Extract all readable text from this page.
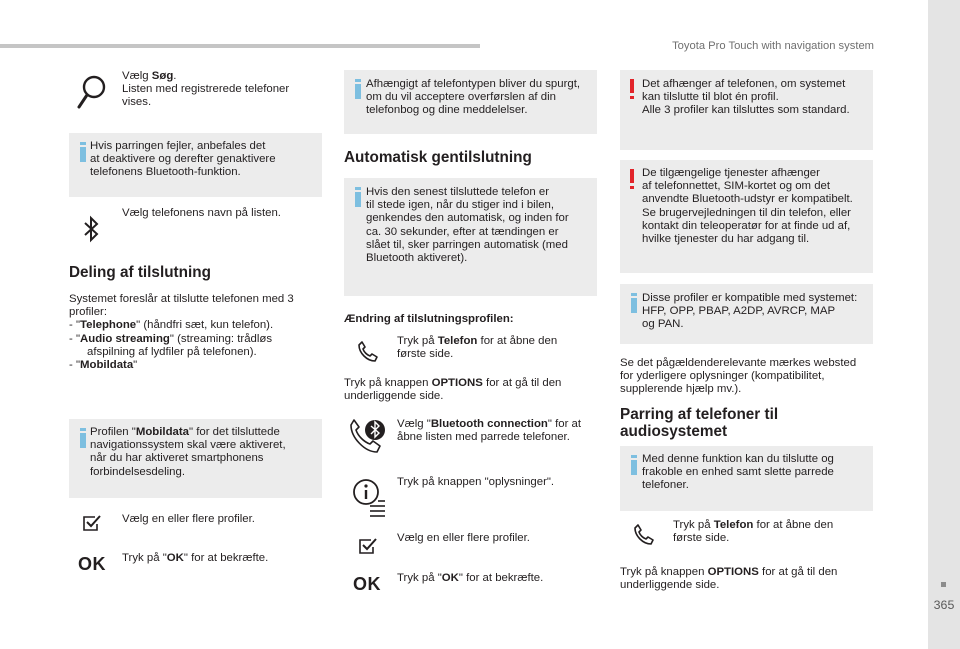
Toyota Pro Touch with navigation system
365
Vælg Søg.
Listen med registrerede telefoner
vises.
Hvis parringen fejler, anbefales det
at deaktivere og derefter genaktivere
telefonens Bluetooth-funktion.
Vælg telefonens navn på listen.
Deling af tilslutning
Systemet foreslår at tilslutte telefonen med 3
profiler:
- "Telephone" (håndfri sæt, kun telefon).
- "Audio streaming" (streaming: trådløs
afspilning af lydfiler på telefonen).
- "Mobildata"
Profilen "Mobildata" for det tilsluttede
navigationssystem skal være aktiveret,
når du har aktiveret smartphonens
forbindelsesdeling.
Vælg en eller flere profiler.
OK Tryk på "OK" for at bekræfte.
Afhængigt af telefontypen bliver du spurgt,
om du vil acceptere overførslen af din
telefonbog og dine meddelelser.
Automatisk gentilslutning
Hvis den senest tilsluttede telefon er
til stede igen, når du stiger ind i bilen,
genkendes den automatisk, og inden for
ca. 30 sekunder, efter at tændingen er
slået til, sker parringen automatisk (med
Bluetooth aktiveret).
Ændring af tilslutningsprofilen:
Tryk på Telefon for at åbne den
første side.
Tryk på knappen OPTIONS for at gå til den
underliggende side.
Vælg "Bluetooth connection" for at
åbne listen med parrede telefoner.
Tryk på knappen "oplysninger".
Vælg en eller flere profiler.
OK Tryk på "OK" for at bekræfte.
Det afhænger af telefonen, om systemet
kan tilslutte til blot én profil.
Alle 3 profiler kan tilsluttes som standard.
De tilgængelige tjenester afhænger
af telefonnettet, SIM-kortet og om det
anvendte Bluetooth-udstyr er kompatibelt.
Se brugervejledningen til din telefon, eller
kontakt din teleoperatør for at finde ud af,
hvilke tjenester du har adgang til.
Disse profiler er kompatible med systemet:
HFP, OPP, PBAP, A2DP, AVRCP, MAP
og PAN.
Se det pågældenderelevante mærkes websted
for yderligere oplysninger (kompatibilitet,
supplerende hjælp mv.).
Parring af telefoner til
audiosystemet
Med denne funktion kan du tilslutte og
frakoble en enhed samt slette parrede
telefoner.
Tryk på Telefon for at åbne den
første side.
Tryk på knappen OPTIONS for at gå til den
underliggende side.
